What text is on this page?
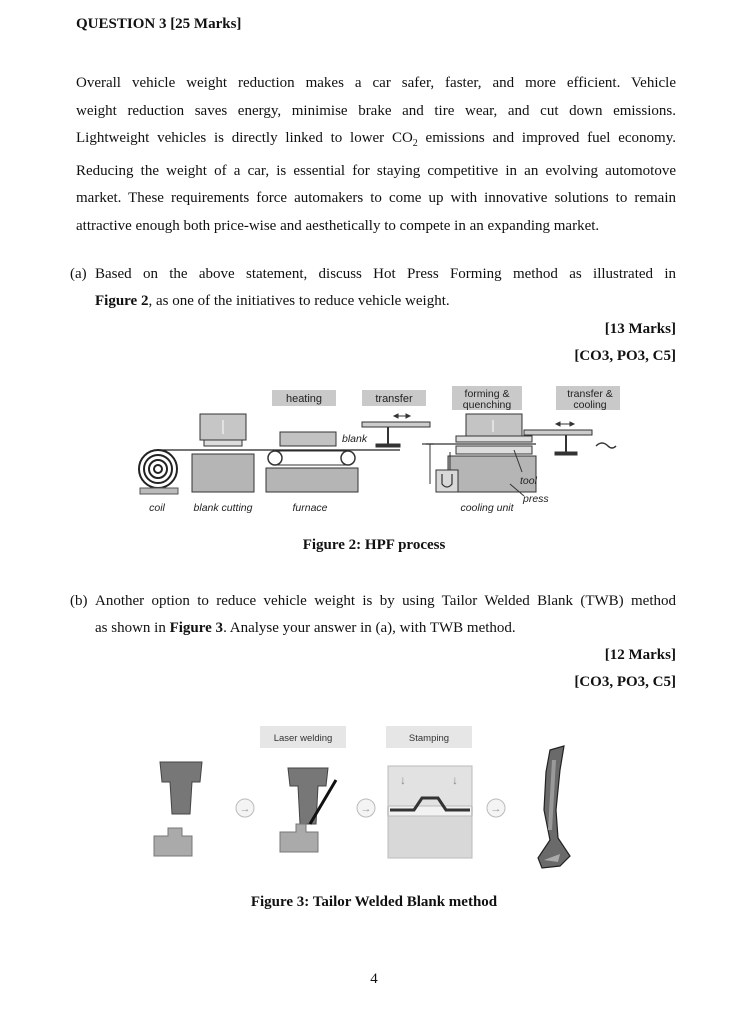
QUESTION 3 [25 Marks]
Overall vehicle weight reduction makes a car safer, faster, and more efficient. Vehicle
weight reduction saves energy, minimise brake and tire wear, and cut down emissions.
Lightweight vehicles is directly linked to lower $CO_2$ emissions and improved fuel economy.
Reducing the weight of a car, is essential for staying competitive in an evolving automotove
market. These requirements force automakers to come up with innovative solutions to remain
attractive enough both price-wise and aesthetically to compete in an expanding market.
(a) Based on the above statement, discuss Hot Press Forming method as illustrated in
Figure 2, as one of the initiatives to reduce vehicle weight.
[13 Marks]
[CO3, PO3, C5]
heating	transfer	forming &
quenching
transfer &
cooling
blank
tool
press
coil	blank cutting	furnace	cooling unit
Figure 2: HPF process
(b) Another option to reduce vehicle weight is by using Tailor Welded Blank (TWB) method
as shown in Figure 3. Analyse your answer in (a), with TWB method.
[12 Marks]
[CO3, PO3, C5]
Laser welding	Stamping
→	→
↓	↓
→
Figure 3: Tailor Welded Blank method
4
